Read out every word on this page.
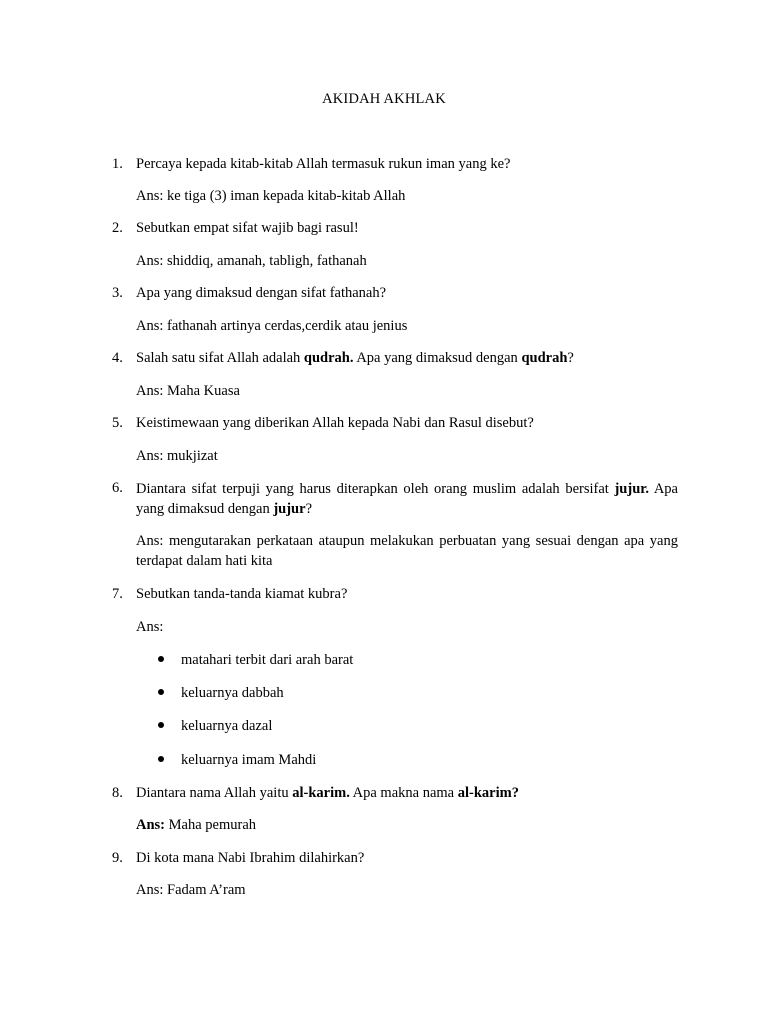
AKIDAH AKHLAK
1. Percaya kepada kitab-kitab Allah termasuk rukun iman yang ke?
Ans: ke tiga (3) iman kepada kitab-kitab Allah
2. Sebutkan empat sifat wajib bagi rasul!
Ans: shiddiq, amanah, tabligh, fathanah
3. Apa yang dimaksud dengan sifat fathanah?
Ans: fathanah artinya cerdas,cerdik atau jenius
4. Salah satu sifat Allah adalah qudrah. Apa yang dimaksud dengan qudrah?
Ans: Maha Kuasa
5. Keistimewaan yang diberikan Allah kepada Nabi dan Rasul disebut?
Ans: mukjizat
6. Diantara sifat terpuji yang harus diterapkan oleh orang muslim adalah bersifat jujur. Apa yang dimaksud dengan jujur?
Ans: mengutarakan perkataan ataupun melakukan perbuatan yang sesuai dengan apa yang terdapat dalam hati kita
7. Sebutkan tanda-tanda kiamat kubra?
Ans:
matahari terbit dari arah barat
keluarnya dabbah
keluarnya dazal
keluarnya imam Mahdi
8. Diantara nama Allah yaitu al-karim. Apa makna nama al-karim?
Ans: Maha pemurah
9. Di kota mana Nabi Ibrahim dilahirkan?
Ans: Fadam A’ram
